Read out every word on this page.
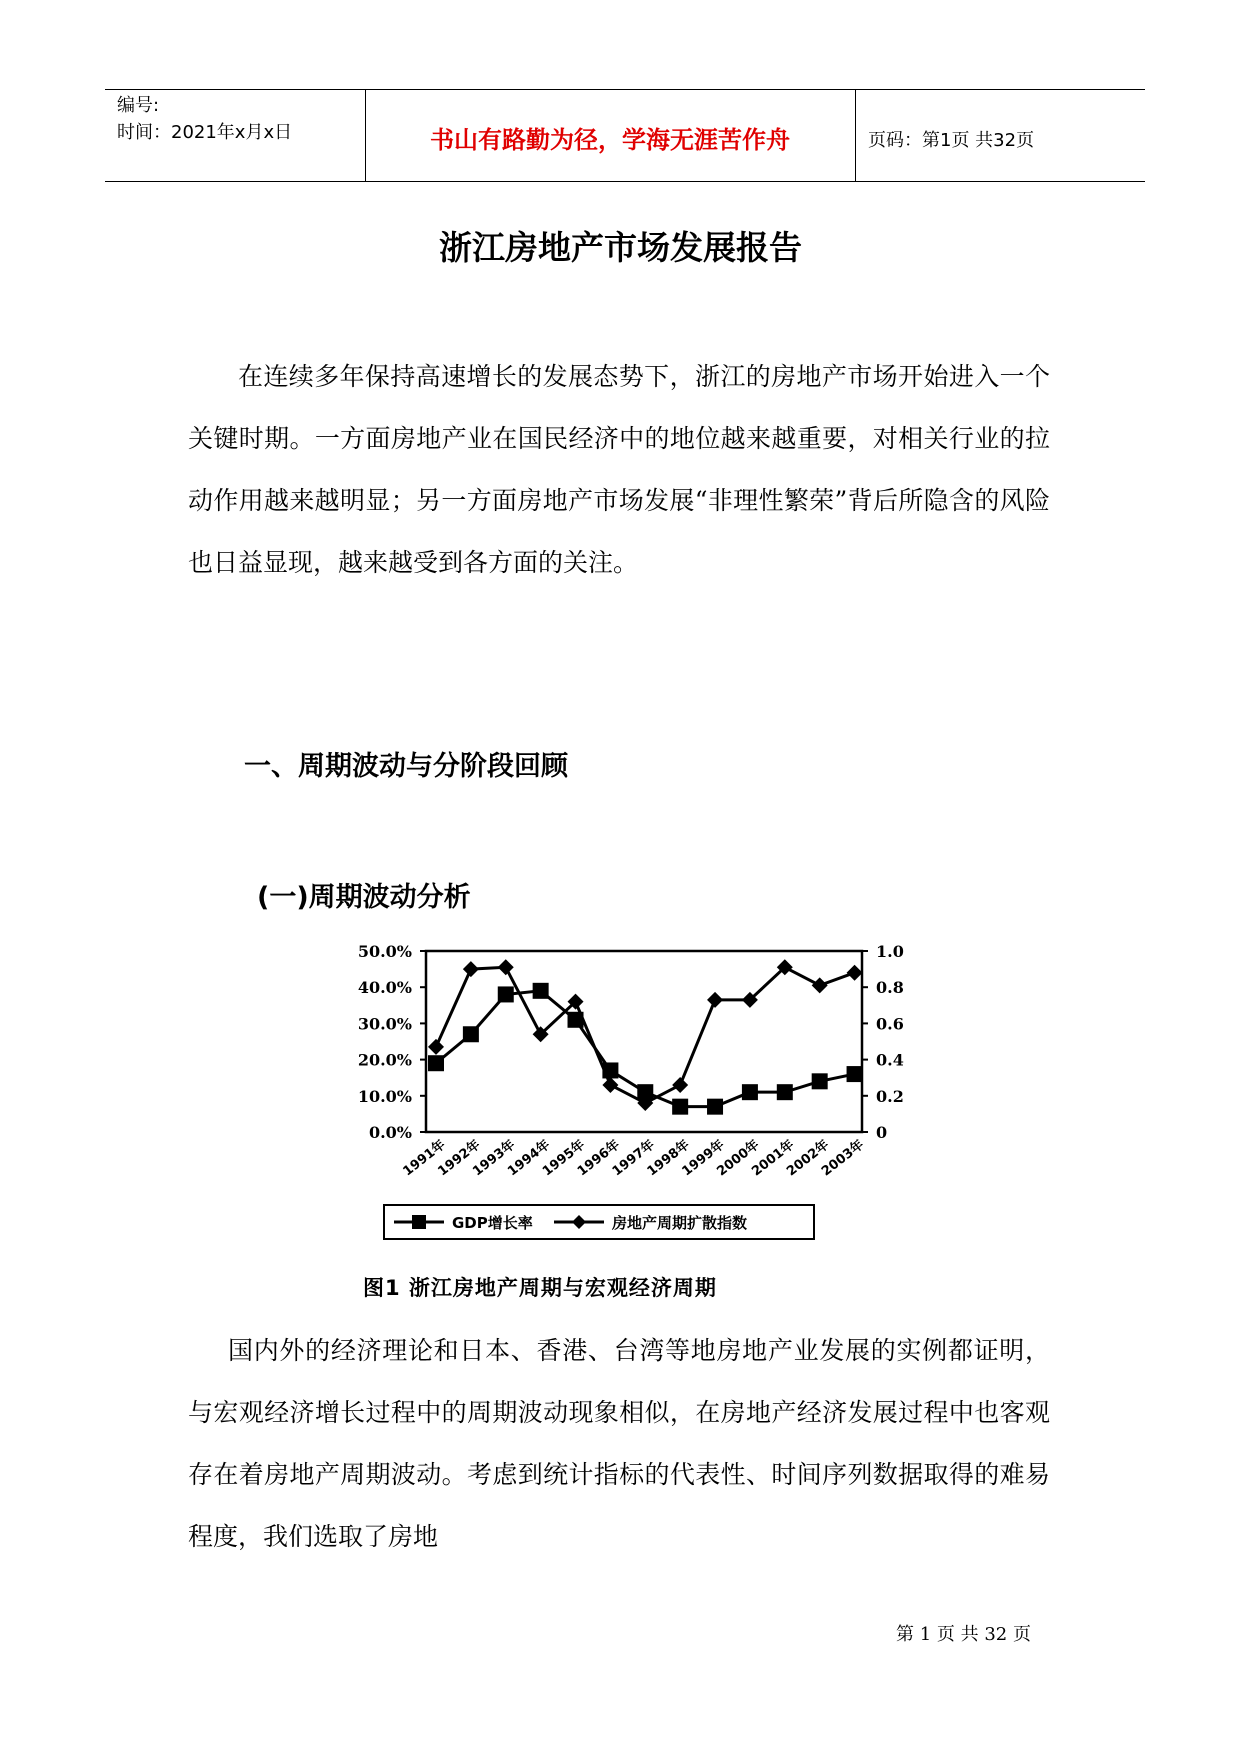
编号:
时间：2021年x月x日	书山有路勤为径，学海无涯苦作舟	页码：第1页 共32页
浙江房地产市场发展报告

在连续多年保持高速增长的发展态势下，浙江的房地产市场开始进入一个关键时期。一方面房地产业在国民经济中的地位越来越重要，对相关行业的拉动作用越来越明显；另一方面房地产市场发展“非理性繁荣”背后所隐含的风险也日益显现，越来越受到各方面的关注。

一、周期波动与分阶段回顾
(一)周期波动分析
50.0%
40.0%
30.0%
20.0%
10.0%
0.0%
1.0
0.8
0.6
0.4
0.2
0
1991年
1992年
1993年
1994年
1995年
1996年
1997年
1998年
1999年
2000年
2001年
2002年
2003年
GDP增长率	房地产周期扩散指数
图1 浙江房地产周期与宏观经济周期

国内外的经济理论和日本、香港、台湾等地房地产业发展的实例都证明，与宏观经济增长过程中的周期波动现象相似，在房地产经济发展过程中也客观存在着房地产周期波动。考虑到统计指标的代表性、时间序列数据取得的难易程度，我们选取了房地

第 1 页 共 32 页
